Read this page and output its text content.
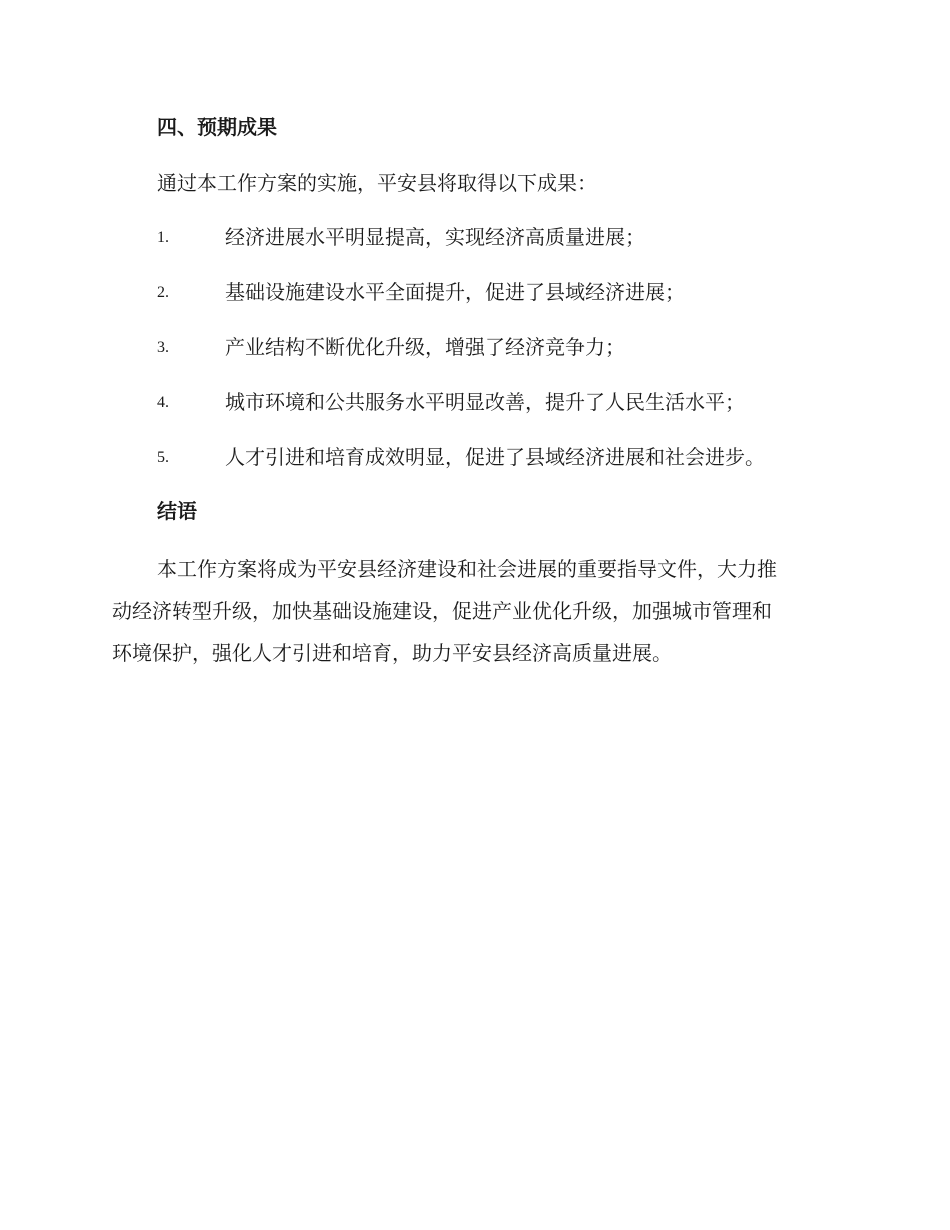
四、预期成果
通过本工作方案的实施，平安县将取得以下成果：
1.	经济进展水平明显提高，实现经济高质量进展；
2.	基础设施建设水平全面提升，促进了县域经济进展；
3.	产业结构不断优化升级，增强了经济竞争力；
4.	城市环境和公共服务水平明显改善，提升了人民生活水平；
5.	人才引进和培育成效明显，促进了县域经济进展和社会进步。
结语
本工作方案将成为平安县经济建设和社会进展的重要指导文件，大力推
动经济转型升级，加快基础设施建设，促进产业优化升级，加强城市管理和
环境保护，强化人才引进和培育，助力平安县经济高质量进展。
